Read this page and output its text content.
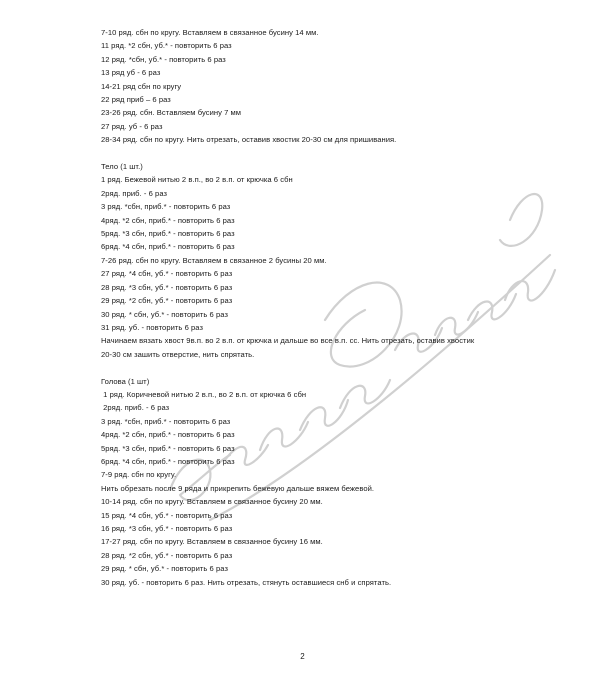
7-10 ряд. сбн по кругу. Вставляем в связанное бусину 14 мм.
11 ряд. *2 сбн, уб.* - повторить 6 раз
12 ряд. *сбн, уб.* - повторить 6 раз
13 ряд уб - 6 раз
14-21 ряд сбн по кругу
22 ряд приб – 6 раз
23-26 ряд. сбн. Вставляем бусину 7 мм
27 ряд. уб - 6 раз
28-34 ряд. сбн по кругу. Нить отрезать, оставив хвостик 20-30 см для пришивания.
Тело (1 шт.)
1 ряд. Бежевой нитью 2 в.п., во 2 в.п. от крючка 6 сбн
2ряд. приб. - 6 раз
3 ряд. *сбн, приб.* - повторить 6 раз
4ряд. *2 сбн, приб.* - повторить 6 раз
5ряд. *3 сбн, приб.* - повторить 6 раз
6ряд. *4 сбн, приб.* - повторить 6 раз
7-26 ряд. сбн по кругу. Вставляем в связанное 2 бусины 20 мм.
27 ряд. *4 сбн, уб.* - повторить 6 раз
28 ряд. *3 сбн, уб.* - повторить 6 раз
29 ряд. *2 сбн, уб.* - повторить 6 раз
30 ряд. * сбн, уб.* - повторить 6 раз
31 ряд. уб. - повторить 6 раз
Начинаем вязать хвост 9в.п. во 2 в.п. от крючка и дальше во все в.п. сс. Нить отрезать, оставив хвостик 20-30 см зашить отверстие, нить спрятать.
Голова (1 шт)
1 ряд. Коричневой нитью 2 в.п., во 2 в.п. от крючка 6 сбн
2ряд. приб. - 6 раз
3 ряд. *сбн, приб.* - повторить 6 раз
4ряд. *2 сбн, приб.* - повторить 6 раз
5ряд. *3 сбн, приб.* - повторить 6 раз
6ряд. *4 сбн, приб.* - повторить 6 раз
7-9 ряд. сбн по кругу.
Нить обрезать после 9 ряда и прикрепить бежевую дальше вяжем бежевой.
10-14 ряд. сбн по кругу. Вставляем в связанное бусину 20 мм.
15 ряд. *4 сбн, уб.* - повторить 6 раз
16 ряд. *3 сбн, уб.* - повторить 6 раз
17-27 ряд. сбн по кругу. Вставляем в связанное бусину 16 мм.
28 ряд. *2 сбн, уб.* - повторить 6 раз
29 ряд. * сбн, уб.* - повторить 6 раз
30 ряд. уб. - повторить 6 раз. Нить отрезать, стянуть оставшиеся снб и спрятать.
2
